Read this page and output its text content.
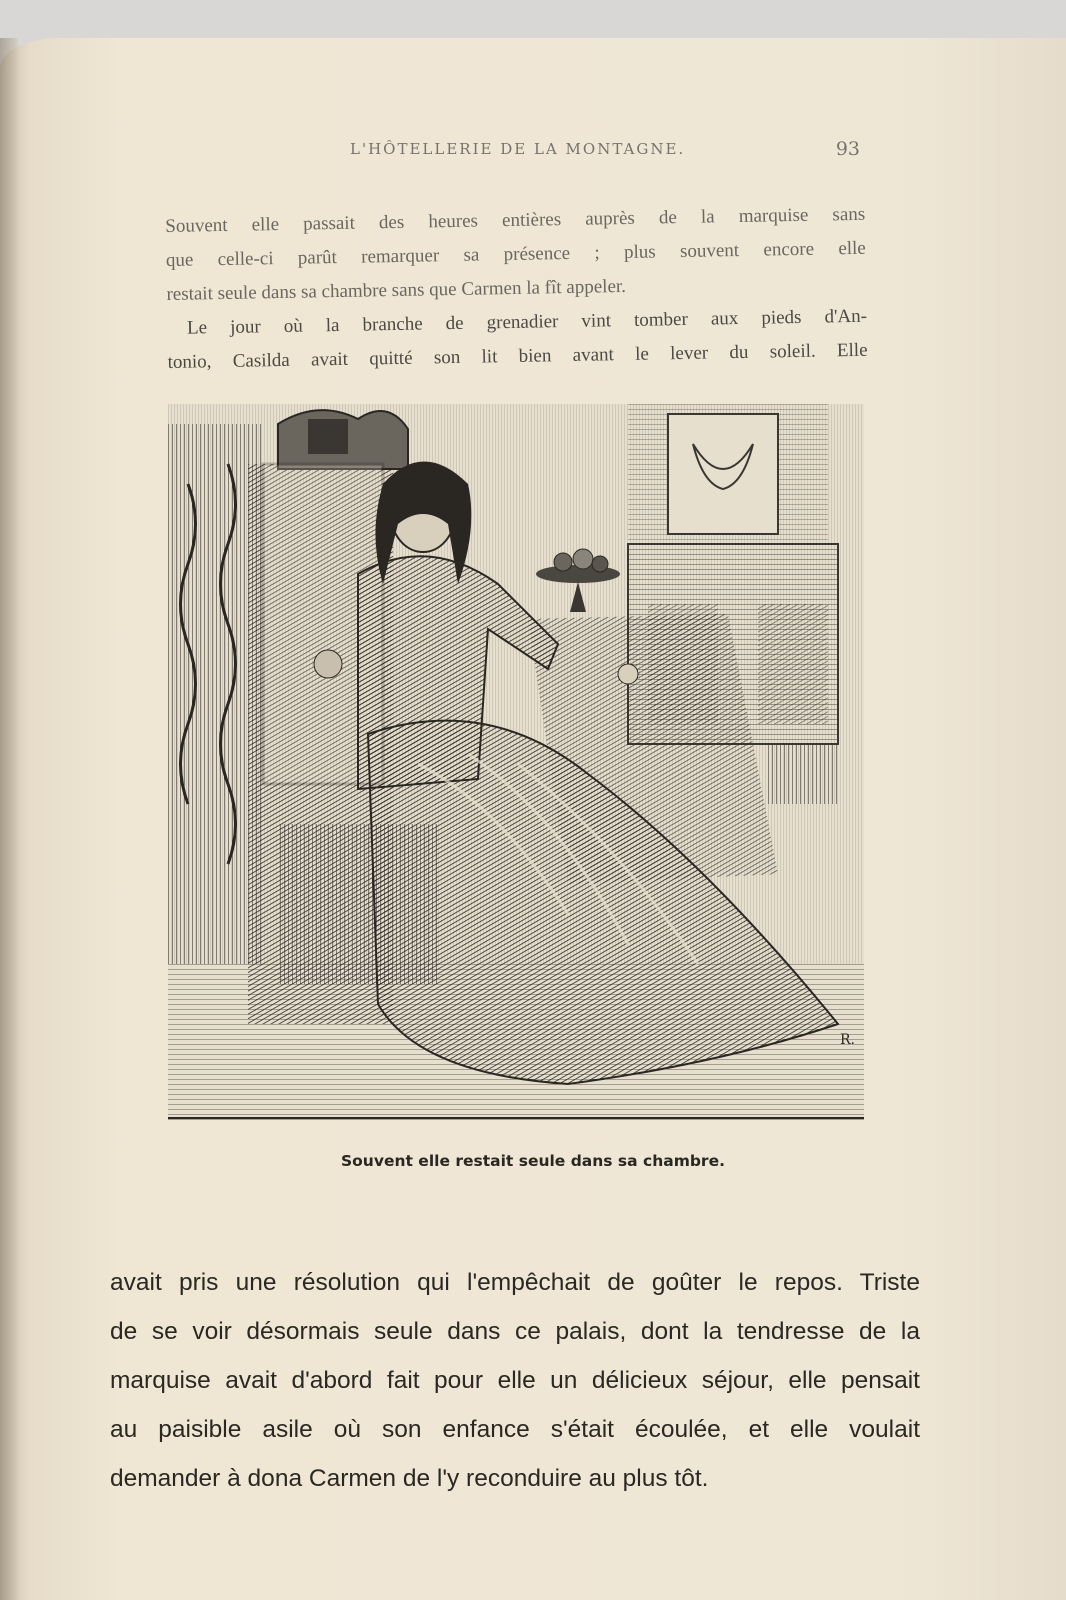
L'HÔTELLERIE DE LA MONTAGNE.	93

Souvent elle passait des heures entières auprès de la marquise sans

que celle-ci parût remarquer sa présence ; plus souvent encore elle

restait seule dans sa chambre sans que Carmen la fît appeler.

Le jour où la branche de grenadier vint tomber aux pieds d'An-

tonio, Casilda avait quitté son lit bien avant le lever du soleil. Elle

R.
Souvent elle restait seule dans sa chambre.

avait pris une résolution qui l'empêchait de goûter le repos. Triste

de se voir désormais seule dans ce palais, dont la tendresse de la

marquise avait d'abord fait pour elle un délicieux séjour, elle pensait

au paisible asile où son enfance s'était écoulée, et elle voulait

demander à dona Carmen de l'y reconduire au plus tôt.
